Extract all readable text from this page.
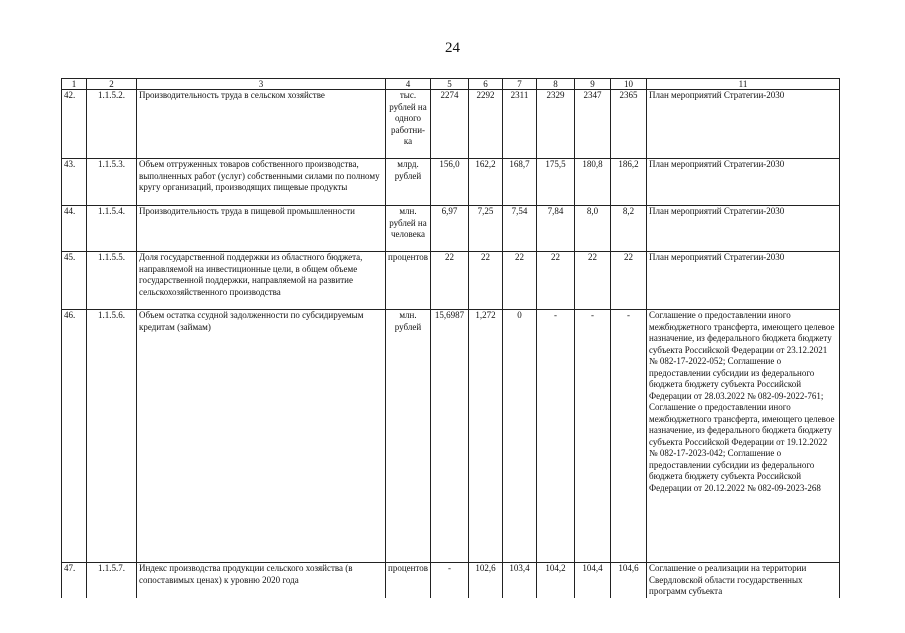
24
1	2	3	4	5	6	7	8	9	10	11
42.	1.1.5.2.	Производительность труда в сельском хозяйстве	тыс. рублей на одного работни-ка	2274	2292	2311	2329	2347	2365	План мероприятий Стратегии-2030
43.	1.1.5.3.	Объем отгруженных товаров собственного производства, выполненных работ (услуг) собственными силами по полному кругу организаций, производящих пищевые продукты	млрд. рублей	156,0	162,2	168,7	175,5	180,8	186,2	План мероприятий Стратегии-2030
44.	1.1.5.4.	Производительность труда в пищевой промышленности	млн. рублей на человека	6,97	7,25	7,54	7,84	8,0	8,2	План мероприятий Стратегии-2030
45.	1.1.5.5.	Доля государственной поддержки из областного бюджета, направляемой на инвестиционные цели, в общем объеме государственной поддержки, направляемой на развитие сельскохозяйственного производства	процентов	22	22	22	22	22	22	План мероприятий Стратегии-2030
46.	1.1.5.6.	Объем остатка ссудной задолженности по субсидируемым кредитам (займам)	млн. рублей	15,6987	1,272	0	-	-	-	Соглашение о предоставлении иного межбюджетного трансферта, имеющего целевое назначение, из федерального бюджета бюджету субъекта Российской Федерации от 23.12.2021 № 082-17-2022-052; Соглашение о предоставлении субсидии из федерального бюджета бюджету субъекта Российской Федерации от 28.03.2022 № 082-09-2022-761; Соглашение о предоставлении иного межбюджетного трансферта, имеющего целевое назначение, из федерального бюджета бюджету субъекта Российской Федерации от 19.12.2022 № 082-17-2023-042; Соглашение о предоставлении субсидии из федерального бюджета бюджету субъекта Российской Федерации от 20.12.2022 № 082-09-2023-268
47.	1.1.5.7.	Индекс производства продукции сельского хозяйства (в сопоставимых ценах) к уровню 2020 года	процентов	-	102,6	103,4	104,2	104,4	104,6	Соглашение о реализации на территории Свердловской области государственных программ субъекта
